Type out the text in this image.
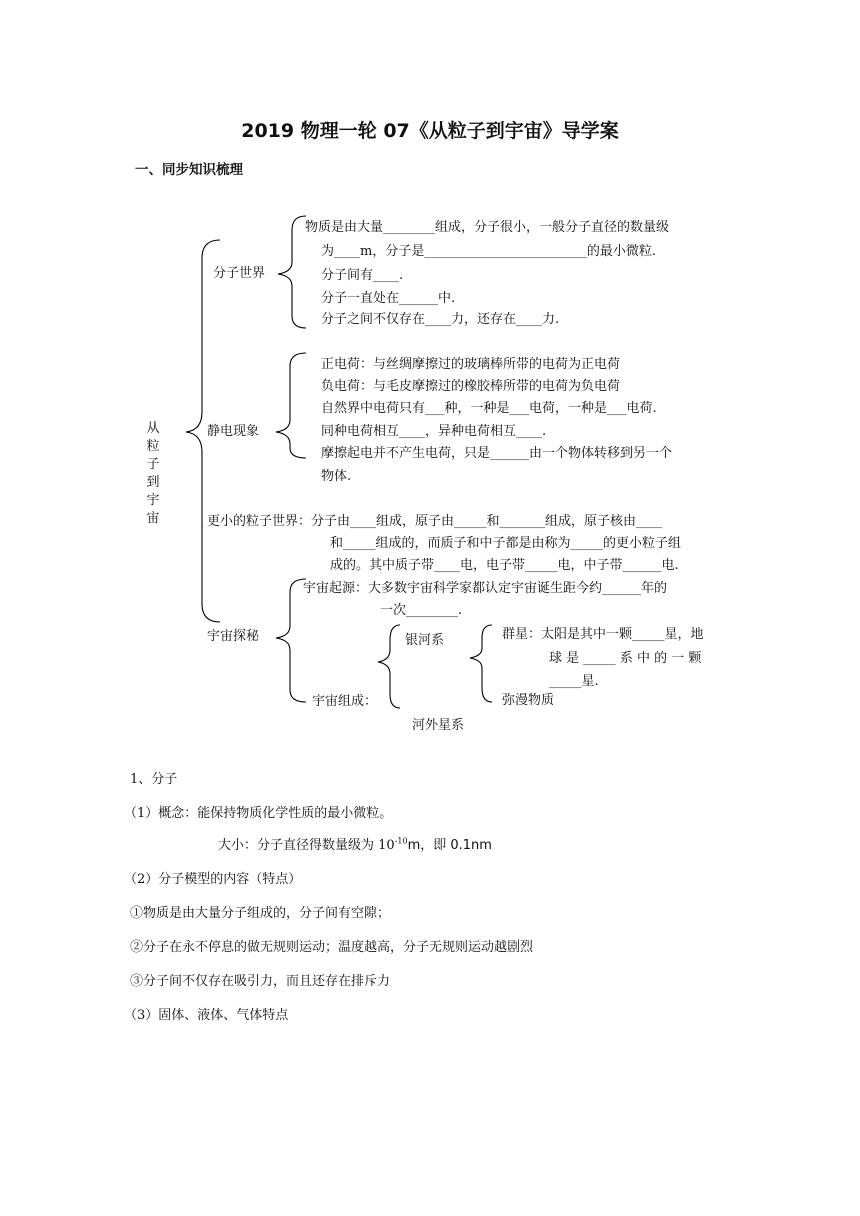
2019 物理一轮 07《从粒子到宇宙》导学案
一、同步知识梳理
从粒子到宇宙
分子世界
物质是由大量________组成，分子很小，一般分子直径的数量级
为____m，分子是_________________________的最小微粒.
分子间有____.
分子一直处在______中.
分子之间不仅存在____力，还存在____力.
静电现象
正电荷：与丝绸摩擦过的玻璃棒所带的电荷为正电荷
负电荷：与毛皮摩擦过的橡胶棒所带的电荷为负电荷
自然界中电荷只有___种，一种是___电荷，一种是___电荷.
同种电荷相互____，异种电荷相互____.
摩擦起电并不产生电荷，只是______由一个物体转移到另一个
物体.
更小的粒子世界：分子由____组成，原子由_____和_______组成，原子核由____
和_____组成的，而质子和中子都是由称为_____的更小粒子组
成的。其中质子带____电，电子带_____电，中子带______电.
宇宙探秘
宇宙起源：大多数宇宙科学家都认定宇宙诞生距今约______年的
一次________.
宇宙组成：
银河系
河外星系
群星：太阳是其中一颗_____星，地
球 是 _____ 系 中 的 一 颗
_____星.
弥漫物质
1、分子
（1）概念：能保持物质化学性质的最小微粒。
大小：分子直径得数量级为 $10^{-10}m$，即 0.1nm
（2）分子模型的内容（特点）
①物质是由大量分子组成的，分子间有空隙；
②分子在永不停息的做无规则运动；温度越高，分子无规则运动越剧烈
③分子间不仅存在吸引力，而且还存在排斥力
（3）固体、液体、气体特点
